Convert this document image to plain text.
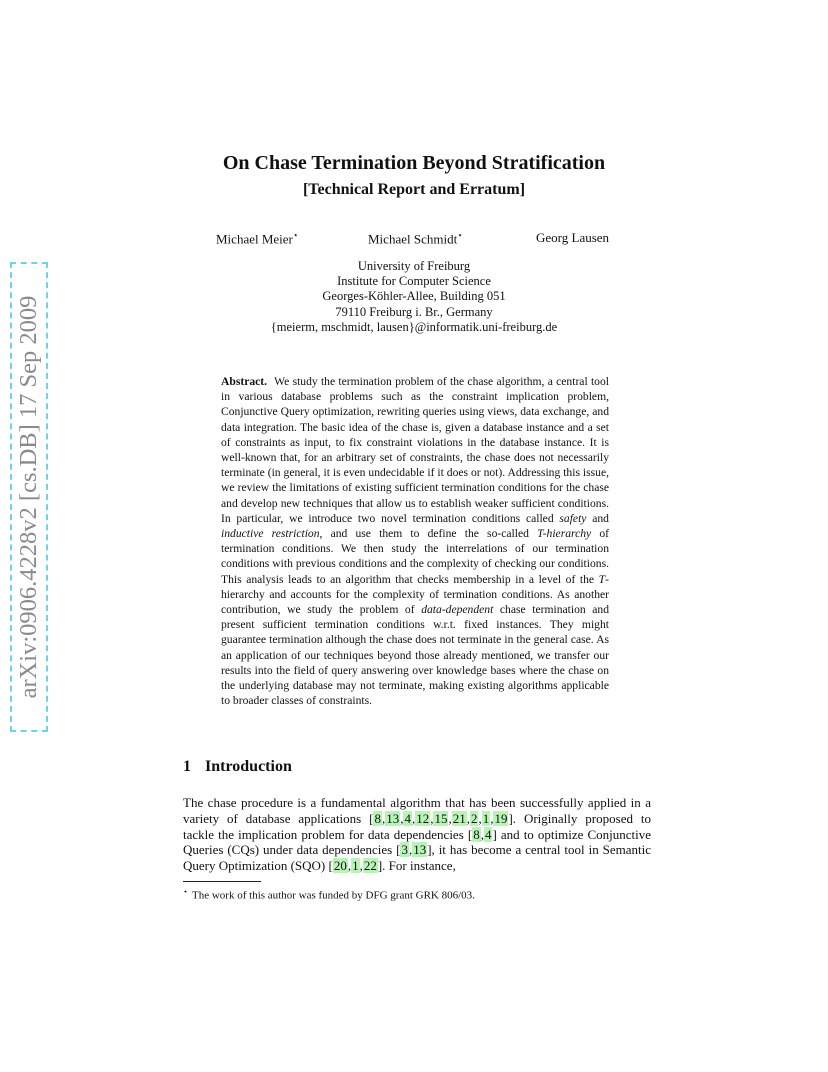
arXiv:0906.4228v2 [cs.DB] 17 Sep 2009
On Chase Termination Beyond Stratification
[Technical Report and Erratum]
Michael Meier⋆	Michael Schmidt⋆	Georg Lausen
University of Freiburg
Institute for Computer Science
Georges-Köhler-Allee, Building 051
79110 Freiburg i. Br., Germany
{meierm, mschmidt, lausen}@informatik.uni-freiburg.de
Abstract. We study the termination problem of the chase algorithm, a central tool in various database problems such as the constraint implication problem, Conjunctive Query optimization, rewriting queries using views, data exchange, and data integration. The basic idea of the chase is, given a database instance and a set of constraints as input, to fix constraint violations in the database instance. It is well-known that, for an arbitrary set of constraints, the chase does not necessarily terminate (in general, it is even undecidable if it does or not). Addressing this issue, we review the limitations of existing sufficient termination conditions for the chase and develop new techniques that allow us to establish weaker sufficient conditions. In particular, we introduce two novel termination conditions called safety and inductive restriction, and use them to define the so-called T-hierarchy of termination conditions. We then study the interrelations of our termination conditions with previous conditions and the complexity of checking our conditions. This analysis leads to an algorithm that checks membership in a level of the T-hierarchy and accounts for the complexity of termination conditions. As another contribution, we study the problem of data-dependent chase termination and present sufficient termination conditions w.r.t. fixed instances. They might guarantee termination although the chase does not terminate in the general case. As an application of our techniques beyond those already mentioned, we transfer our results into the field of query answering over knowledge bases where the chase on the underlying database may not terminate, making existing algorithms applicable to broader classes of constraints.
1 Introduction
The chase procedure is a fundamental algorithm that has been successfully applied in a variety of database applications [8,13,4,12,15,21,2,1,19]. Originally proposed to tackle the implication problem for data dependencies [8,4] and to optimize Conjunctive Queries (CQs) under data dependencies [3,13], it has become a central tool in Semantic Query Optimization (SQO) [20,1,22]. For instance,
⋆ The work of this author was funded by DFG grant GRK 806/03.
